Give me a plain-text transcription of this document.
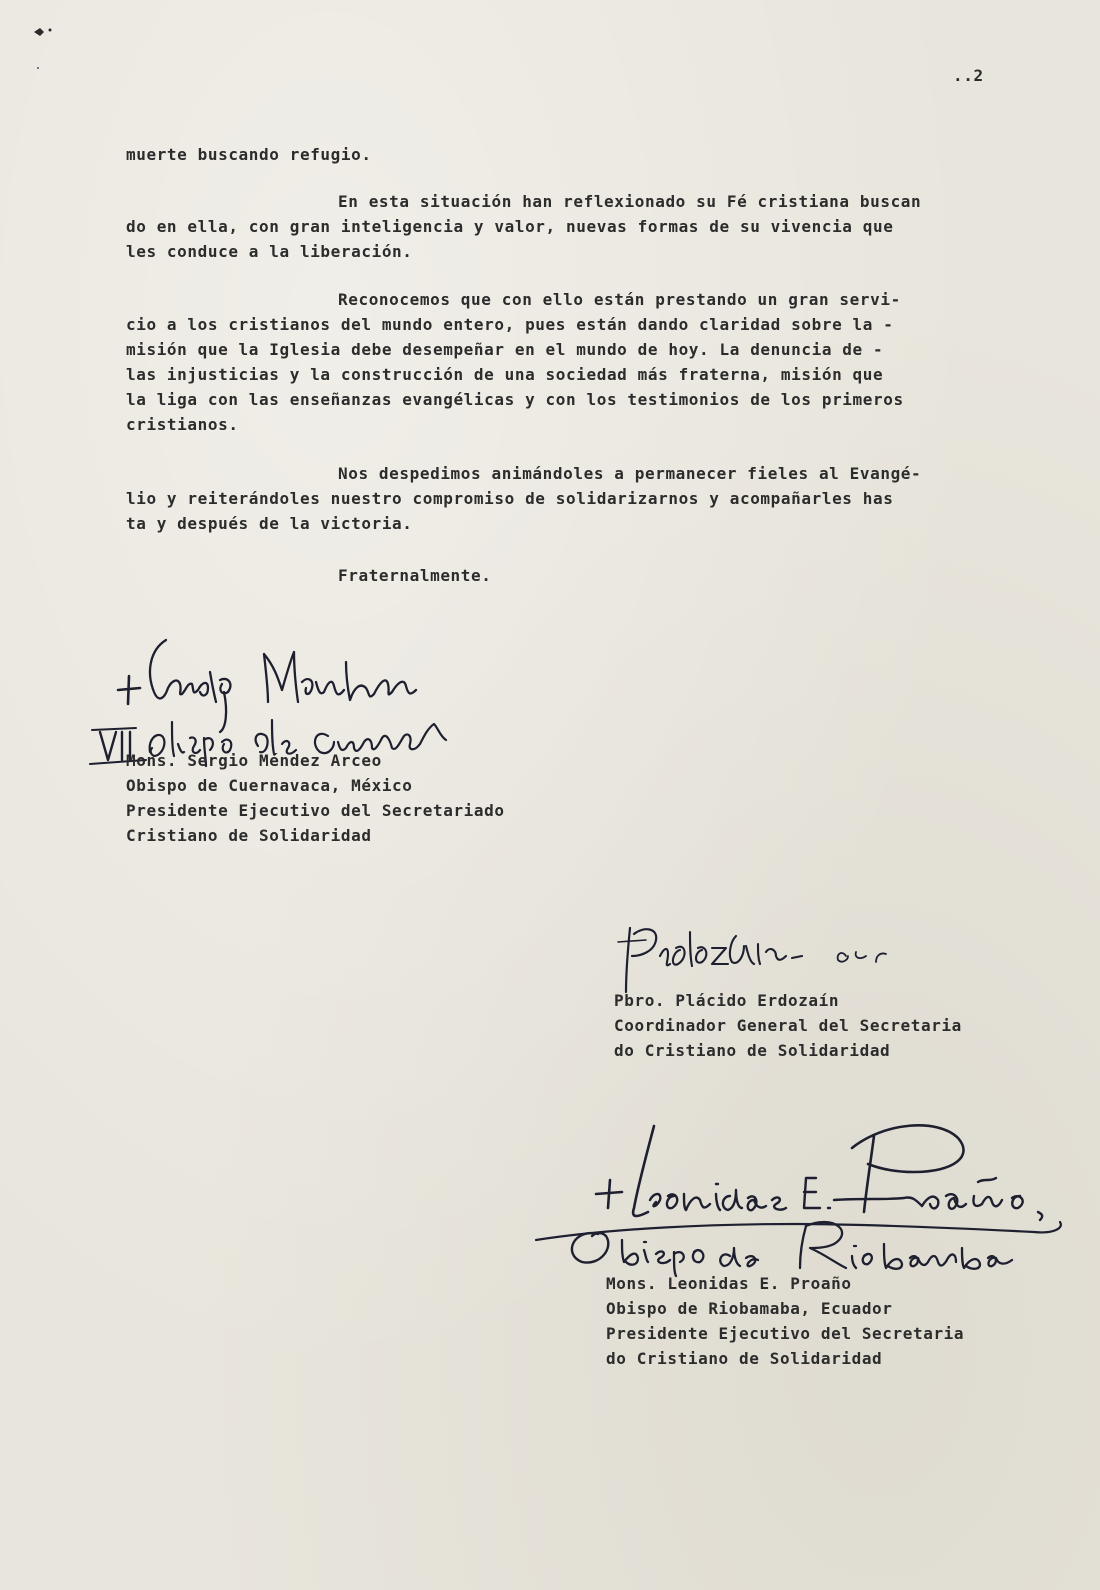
..2
muerte buscando refugio.
En esta situación han reflexionado su Fé cristiana buscan
do en ella, con gran inteligencia y valor, nuevas formas de su vivencia que
les conduce a la liberación.
Reconocemos que con ello están prestando un gran servi-
cio a los cristianos del mundo entero, pues están dando claridad sobre la -
misión que la Iglesia debe desempeñar en el mundo de hoy. La denuncia de -
las injusticias y la construcción de una sociedad más fraterna, misión que
la liga con las enseñanzas evangélicas y con los testimonios de los primeros
cristianos.
Nos despedimos animándoles a permanecer fieles al Evangé-
lio y reiterándoles nuestro compromiso de solidarizarnos y acompañarles has
ta y después de la victoria.
Fraternalmente.
Mons. Sergio Méndez Arceo
Obispo de Cuernavaca, México
Presidente Ejecutivo del Secretariado
Cristiano de Solidaridad
Pbro. Plácido Erdozaín
Coordinador General del Secretaria
do Cristiano de Solidaridad
Mons. Leonidas E. Proaño
Obispo de Riobamaba, Ecuador
Presidente Ejecutivo del Secretaria
do Cristiano de Solidaridad
